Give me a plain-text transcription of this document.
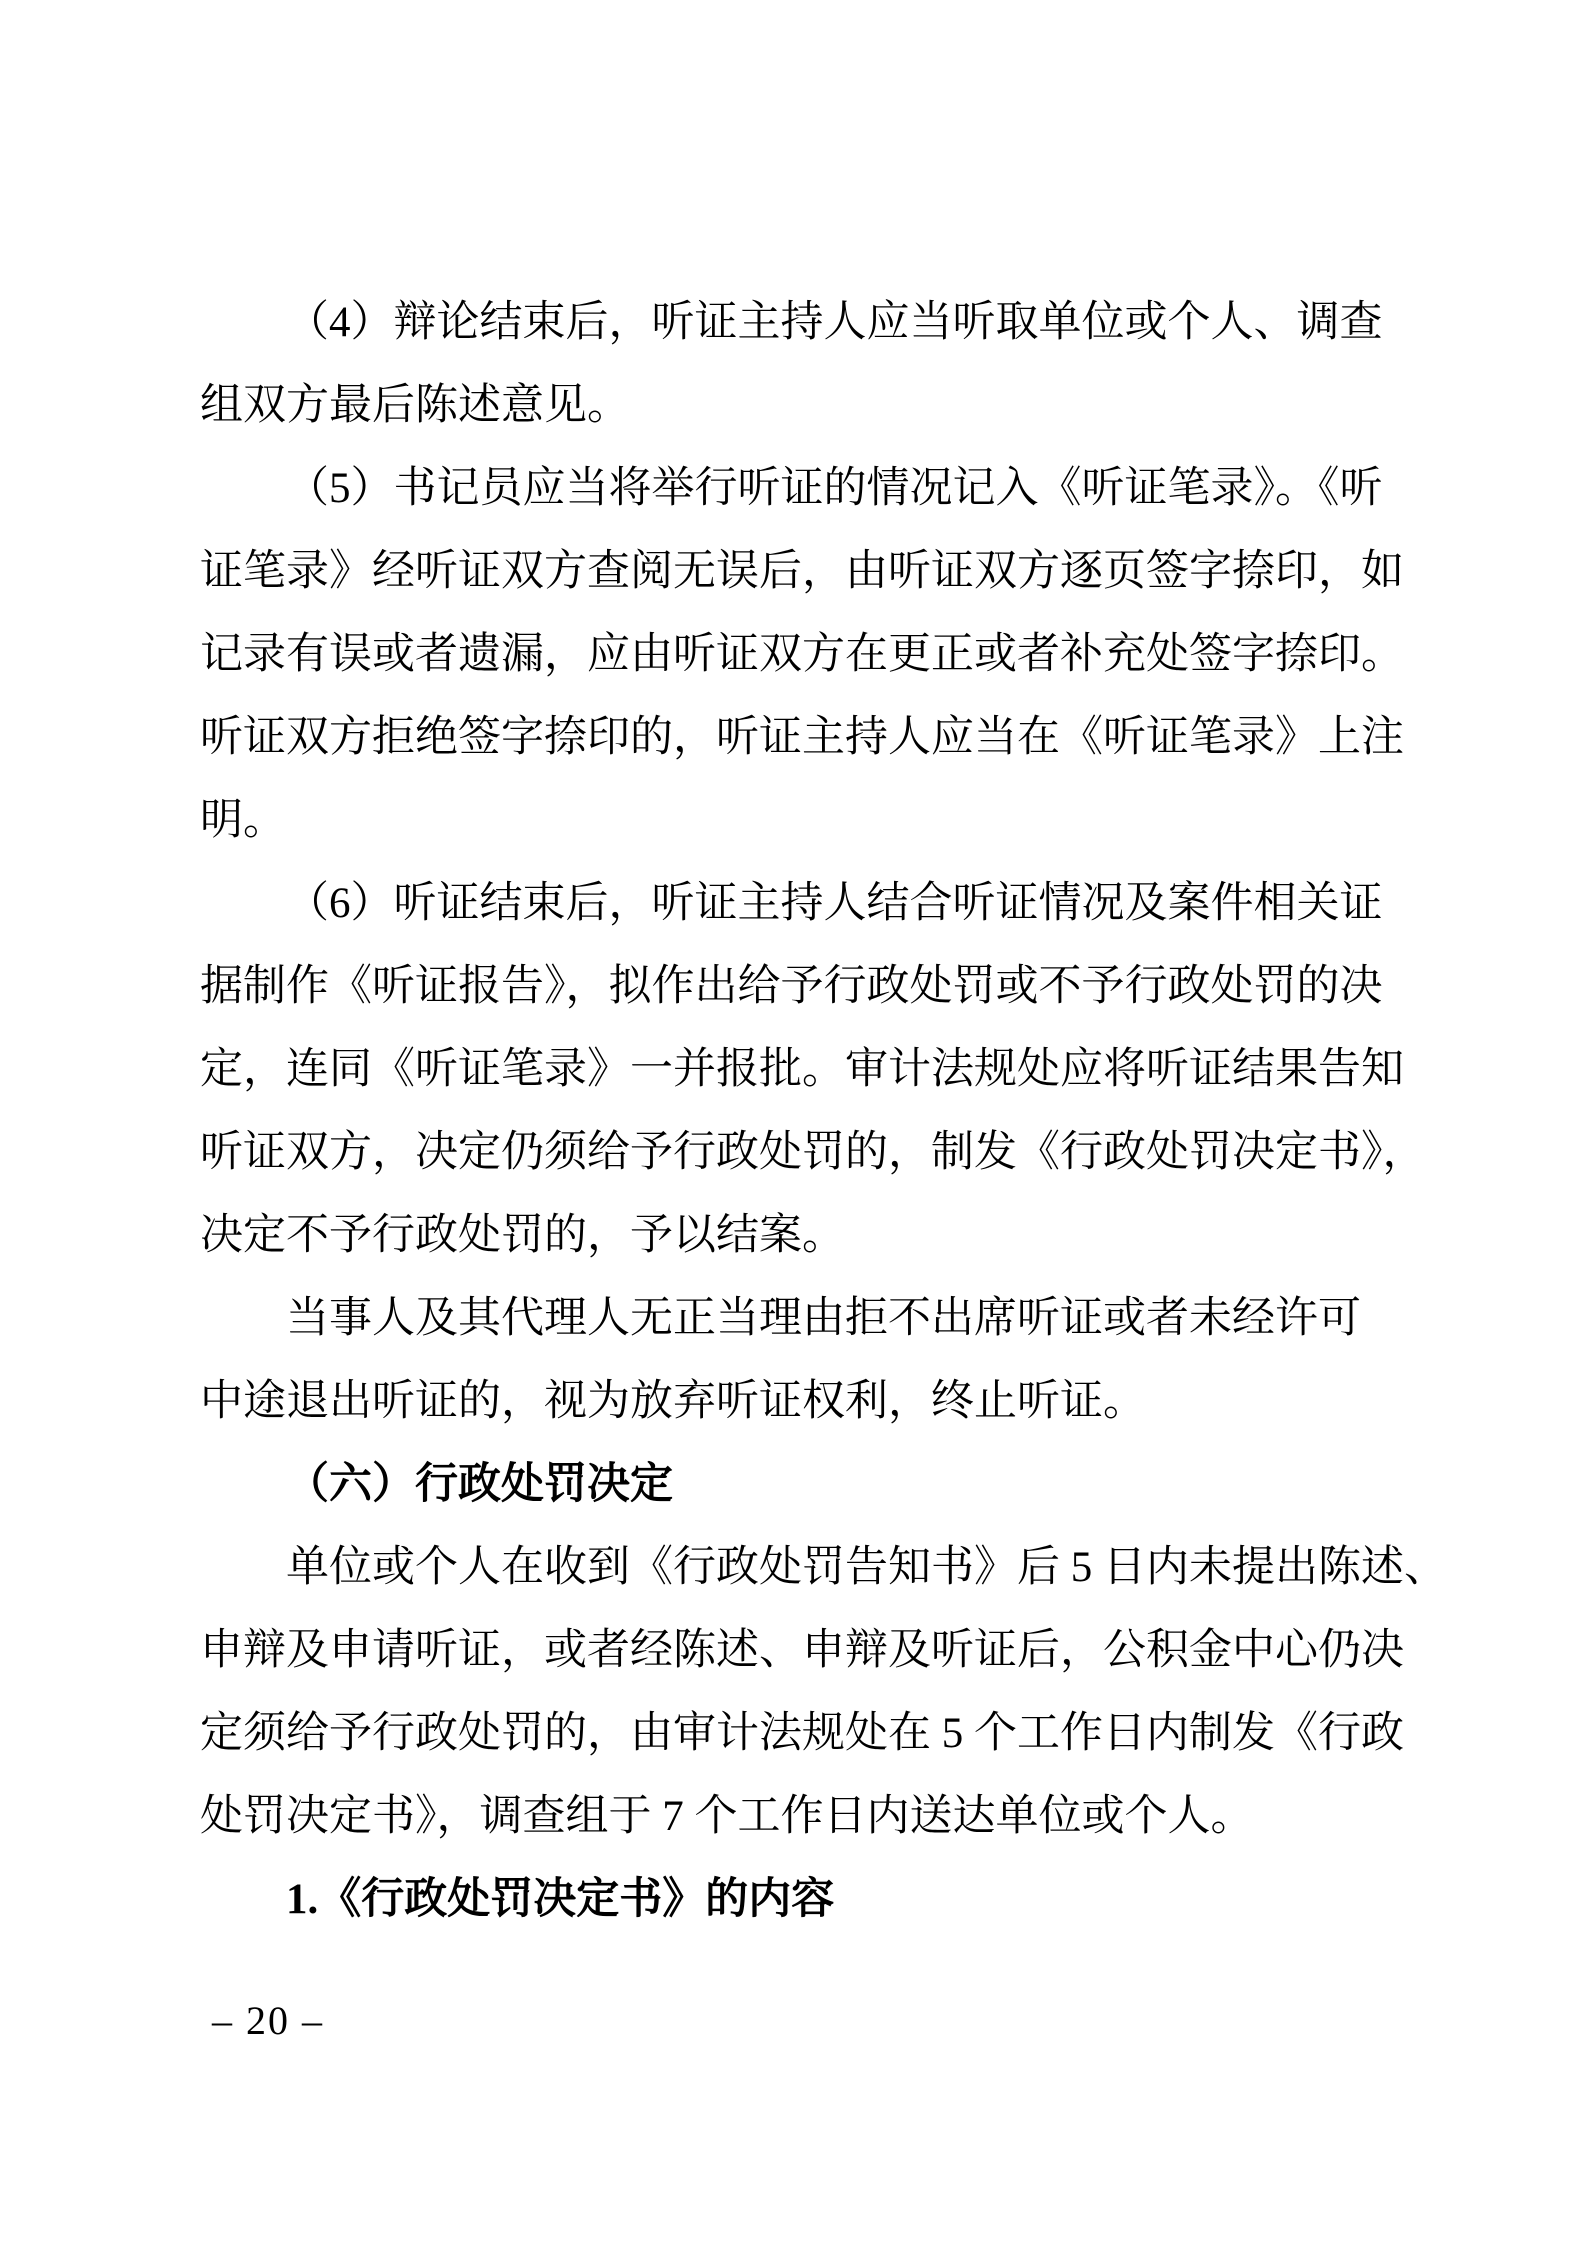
（4）辩论结束后，听证主持人应当听取单位或个人、调查
组双方最后陈述意见。
（5）书记员应当将举行听证的情况记入《听证笔录》。《听
证笔录》经听证双方查阅无误后，由听证双方逐页签字捺印，如
记录有误或者遗漏，应由听证双方在更正或者补充处签字捺印。
听证双方拒绝签字捺印的，听证主持人应当在《听证笔录》上注
明。
（6）听证结束后，听证主持人结合听证情况及案件相关证
据制作《听证报告》，拟作出给予行政处罚或不予行政处罚的决
定，连同《听证笔录》一并报批。审计法规处应将听证结果告知
听证双方，决定仍须给予行政处罚的，制发《行政处罚决定书》，
决定不予行政处罚的，予以结案。
当事人及其代理人无正当理由拒不出席听证或者未经许可
中途退出听证的，视为放弃听证权利，终止听证。
（六）行政处罚决定
单位或个人在收到《行政处罚告知书》后 5 日内未提出陈述、
申辩及申请听证，或者经陈述、申辩及听证后，公积金中心仍决
定须给予行政处罚的，由审计法规处在 5 个工作日内制发《行政
处罚决定书》，调查组于 7 个工作日内送达单位或个人。
1.《行政处罚决定书》的内容
– 20 –
